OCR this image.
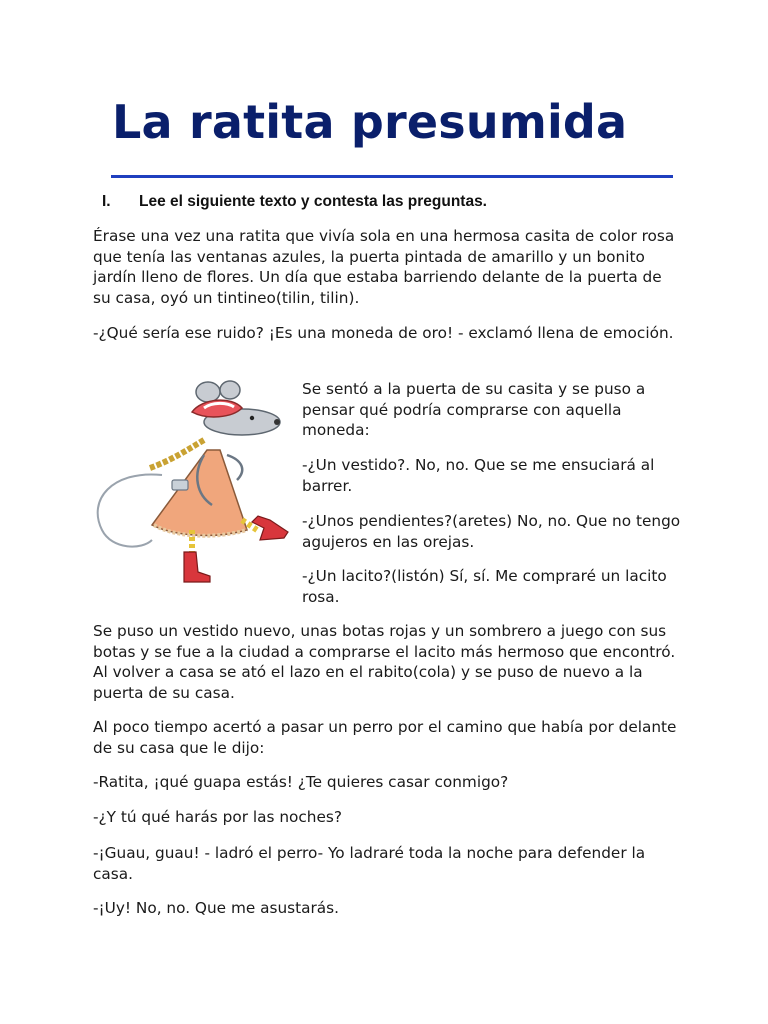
La ratita presumida
I. Lee el siguiente texto y contesta las preguntas.

Érase una vez una ratita que vivía sola en una hermosa casita de color rosa que tenía las ventanas azules, la puerta pintada de amarillo y un bonito jardín lleno de flores. Un día que estaba barriendo delante de la puerta de su casa, oyó un tintineo(tilin, tilin).

-¿Qué sería ese ruido? ¡Es una moneda de oro! - exclamó llena de emoción.

Se sentó a la puerta de su casita y se puso a pensar qué podría comprarse con aquella moneda:

-¿Un vestido?. No, no. Que se me ensuciará al barrer.

-¿Unos pendientes?(aretes) No, no. Que no tengo agujeros en las orejas.

-¿Un lacito?(listón) Sí, sí. Me compraré un lacito rosa.

Se puso un vestido nuevo, unas botas rojas y un sombrero a juego con sus botas y se fue a la ciudad a comprarse el lacito más hermoso que encontró. Al volver a casa se ató el lazo en el rabito(cola) y se puso de nuevo a la puerta de su casa.

Al poco tiempo acertó a pasar un perro por el camino que había por delante de su casa que le dijo:

-Ratita, ¡qué guapa estás! ¿Te quieres casar conmigo?

-¿Y tú qué harás por las noches?

-¡Guau, guau! - ladró el perro- Yo ladraré toda la noche para defender la casa.

-¡Uy! No, no. Que me asustarás.
